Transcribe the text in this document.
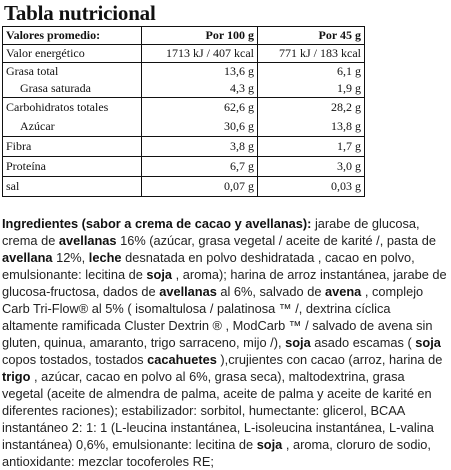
Tabla nutricional
Valores promedio:	Por 100 g	Por 45 g
Valor energético	1713 kJ / 407 kcal	771 kJ / 183 kcal
Grasa total	13,6 g	6,1 g
Grasa saturada	4,3 g	1,9 g
Carbohidratos totales	62,6 g	28,2 g
Azúcar	30,6 g	13,8 g
Fibra	3,8 g	1,7 g
Proteína	6,7 g	3,0 g
sal	0,07 g	0,03 g
Ingredientes (sabor a crema de cacao y avellanas): jarabe de glucosa, crema de avellanas 16% (azúcar, grasa vegetal / aceite de karité /, pasta de avellana 12%, leche desnatada en polvo deshidratada , cacao en polvo, emulsionante: lecitina de soja , aroma); harina de arroz instantánea, jarabe de glucosa-fructosa, dados de avellanas al 6%, salvado de avena , complejo Carb Tri-Flow® al 5% ( isomaltulosa / palatinosa ™ /, dextrina cíclica altamente ramificada Cluster Dextrin ® , ModCarb ™ / salvado de avena sin gluten, quinua, amaranto, trigo sarraceno, mijo /), soja asado escamas ( soja copos tostados, tostados cacahuetes ),crujientes con cacao (arroz, harina de trigo , azúcar, cacao en polvo al 6%, grasa seca), maltodextrina, grasa vegetal (aceite de almendra de palma, aceite de palma y aceite de karité en diferentes raciones); estabilizador: sorbitol, humectante: glicerol, BCAA instantáneo 2: 1: 1 (L-leucina instantánea, L-isoleucina instantánea, L-valina instantánea) 0,6%, emulsionante: lecitina de soja , aroma, cloruro de sodio, antioxidante: mezclar tocoferoles RE;
